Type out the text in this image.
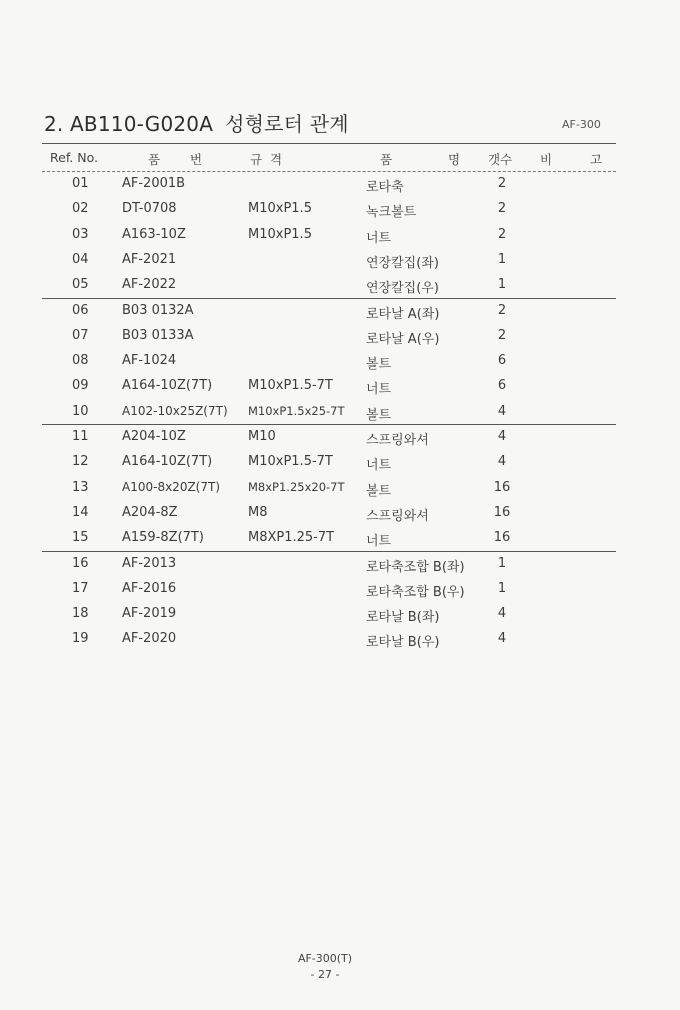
2. AB110-G020A 성형로터 관계	AF-300
Ref. No.	품 번	규 격	품 명 갯수 비 고
01	AF-2001B	로타축	2
02	DT-0708	M10xP1.5	녹크볼트	2
03	A163-10Z	M10xP1.5	너트	2
04	AF-2021	연장칼집(좌)	1
05	AF-2022	연장칼집(우)	1
06	B03 0132A	로타날 A(좌)	2
07	B03 0133A	로타날 A(우)	2
08	AF-1024	볼트	6
09	A164-10Z(7T)	M10xP1.5-7T	너트	6
10	A102-10x25Z(7T) M10xP1.5x25-7T 볼트	4
11	A204-10Z	M10	스프링와셔	4
12	A164-10Z(7T)	M10xP1.5-7T	너트	4
13	A100-8x20Z(7T) M8xP1.25x20-7T 볼트	16
14	A204-8Z	M8	스프링와셔	16
15	A159-8Z(7T)	M8XP1.25-7T 너트	16
16	AF-2013	로타축조합 B(좌)	1
17	AF-2016	로타축조합 B(우)	1
18	AF-2019	로타날 B(좌)	4
19	AF-2020	로타날 B(우)	4
AF-300(T)
- 27 -
